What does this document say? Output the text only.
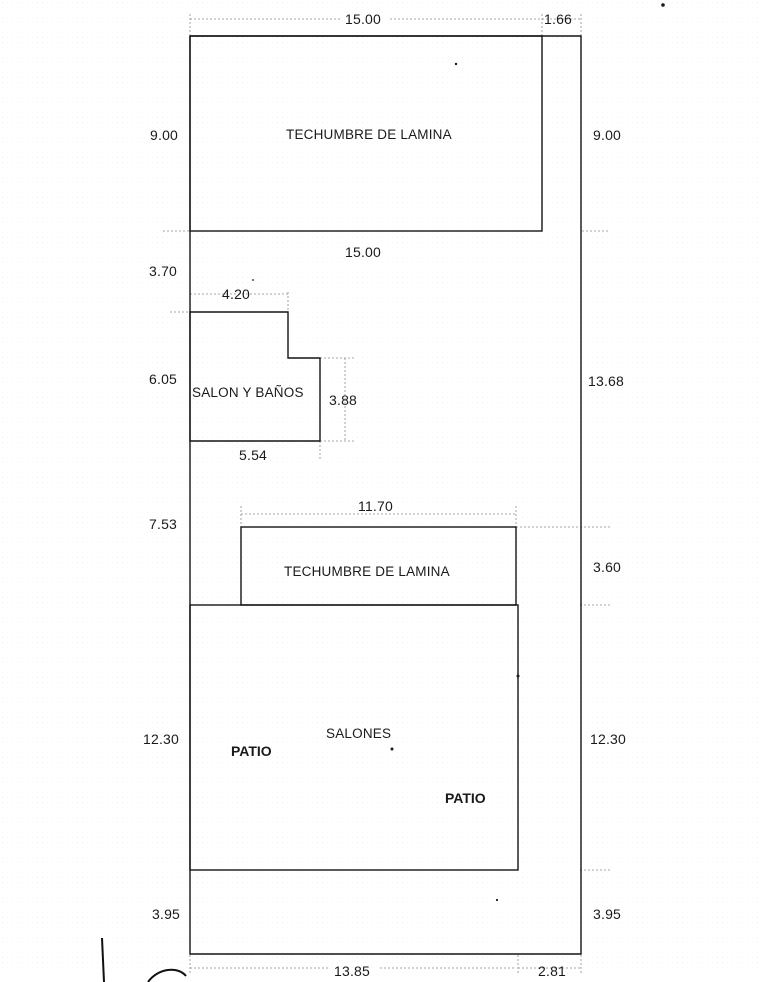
15.00	1.66
9.00	9.00
15.00
3.70
4.20
6.05
3.88
5.54
13.68
7.53
11.70
3.60
12.30	12.30
3.95	3.95
13.85	2.81
TECHUMBRE DE LAMINA
SALON Y BAÑOS
TECHUMBRE DE LAMINA
SALONES
PATIO
PATIO
